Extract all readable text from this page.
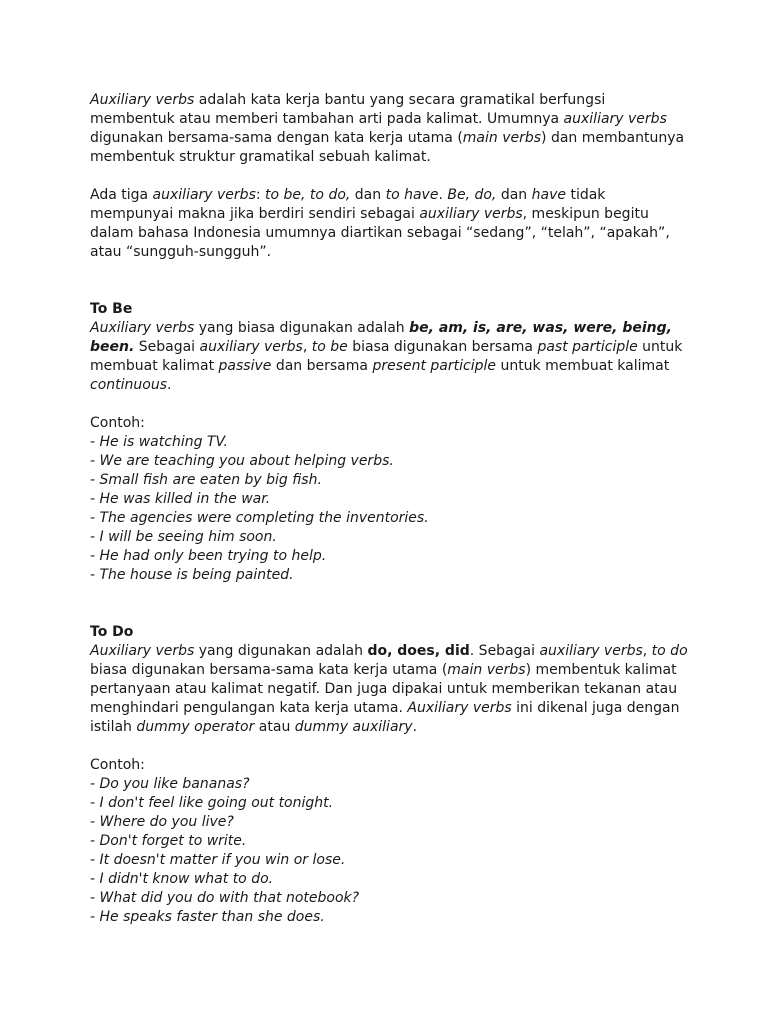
Auxiliary verbs adalah kata kerja bantu yang secara gramatikal berfungsi membentuk atau memberi tambahan arti pada kalimat. Umumnya auxiliary verbs digunakan bersama-sama dengan kata kerja utama (main verbs) dan membantunya membentuk struktur gramatikal sebuah kalimat.

Ada tiga auxiliary verbs: to be, to do, dan to have. Be, do, dan have tidak mempunyai makna jika berdiri sendiri sebagai auxiliary verbs, meskipun begitu dalam bahasa Indonesia umumnya diartikan sebagai “sedang”, “telah”, “apakah”, atau “sungguh-sungguh”.

To Be

Auxiliary verbs yang biasa digunakan adalah be, am, is, are, was, were, being, been. Sebagai auxiliary verbs, to be biasa digunakan bersama past participle untuk membuat kalimat passive dan bersama present participle untuk membuat kalimat continuous.

Contoh:

- He is watching TV.

- We are teaching you about helping verbs.

- Small fish are eaten by big fish.

- He was killed in the war.

- The agencies were completing the inventories.

- I will be seeing him soon.

- He had only been trying to help.

- The house is being painted.

To Do

Auxiliary verbs yang digunakan adalah do, does, did. Sebagai auxiliary verbs, to do biasa digunakan bersama-sama kata kerja utama (main verbs) membentuk kalimat pertanyaan atau kalimat negatif. Dan juga dipakai untuk memberikan tekanan atau menghindari pengulangan kata kerja utama. Auxiliary verbs ini dikenal juga dengan istilah dummy operator atau dummy auxiliary.

Contoh:

- Do you like bananas?

- I don't feel like going out tonight.

- Where do you live?

- Don't forget to write.

- It doesn't matter if you win or lose.

- I didn't know what to do.

- What did you do with that notebook?

- He speaks faster than she does.
